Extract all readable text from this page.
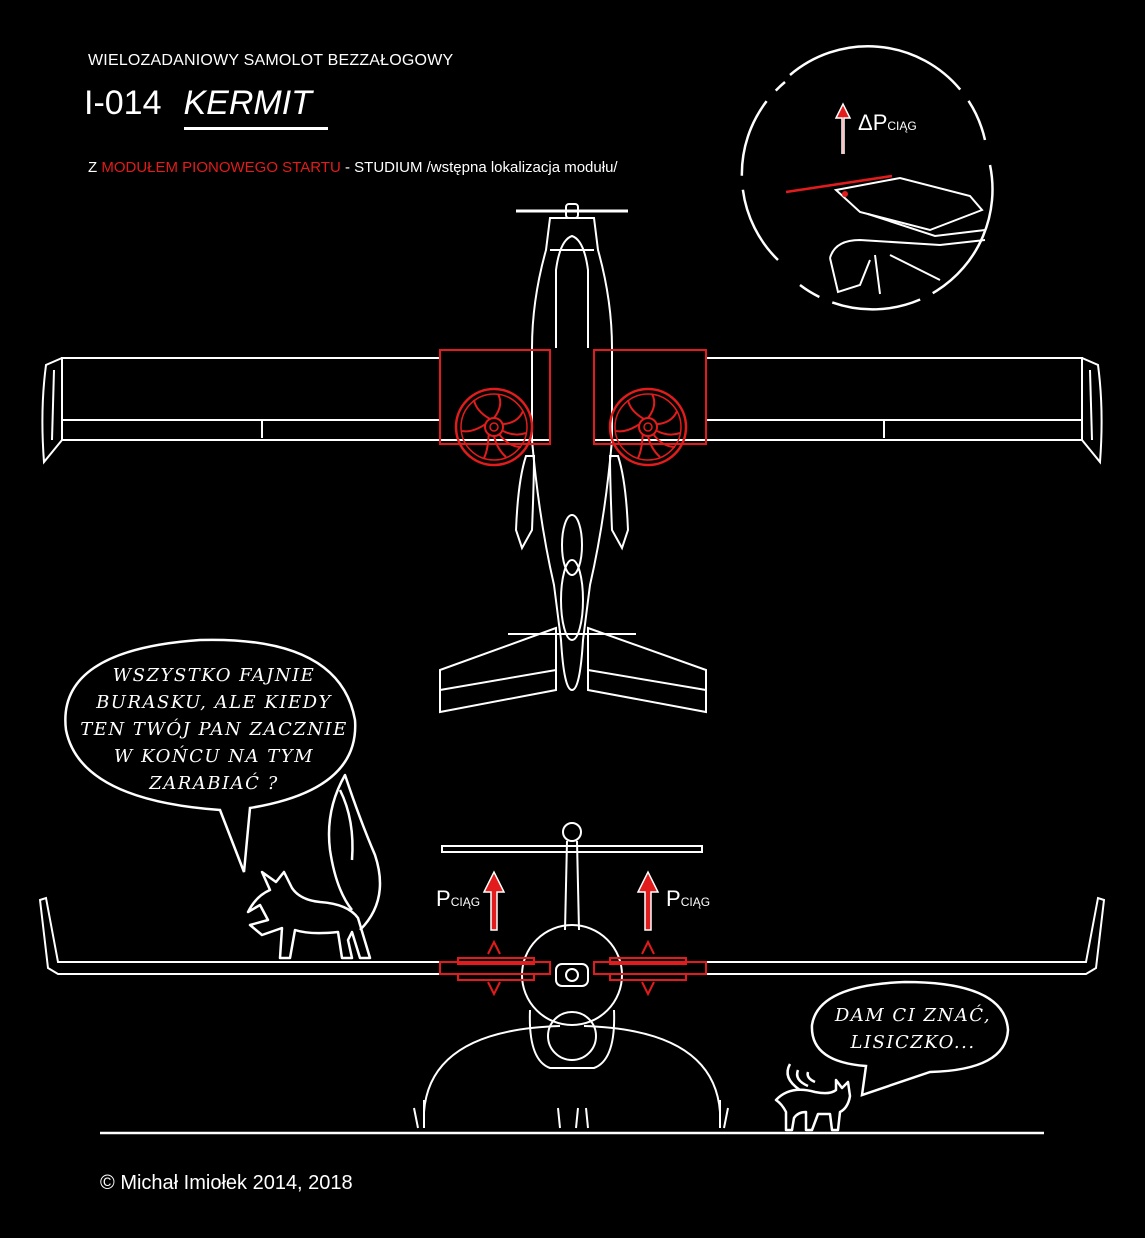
WIELOZADANIOWY SAMOLOT BEZZAŁOGOWY
I-014 KERMIT
Z MODUŁEM PIONOWEGO STARTU - STUDIUM /wstępna lokalizacja modułu/
ΔPCIĄG
PCIĄG	PCIĄG
WSZYSTKO FAJNIE BURASKU, ALE KIEDY TEN TWÓJ PAN ZACZNIE W KOŃCU NA TYM ZARABIAĆ ?
DAM CI ZNAĆ, LISICZKO...
© Michał Imiołek 2014, 2018
